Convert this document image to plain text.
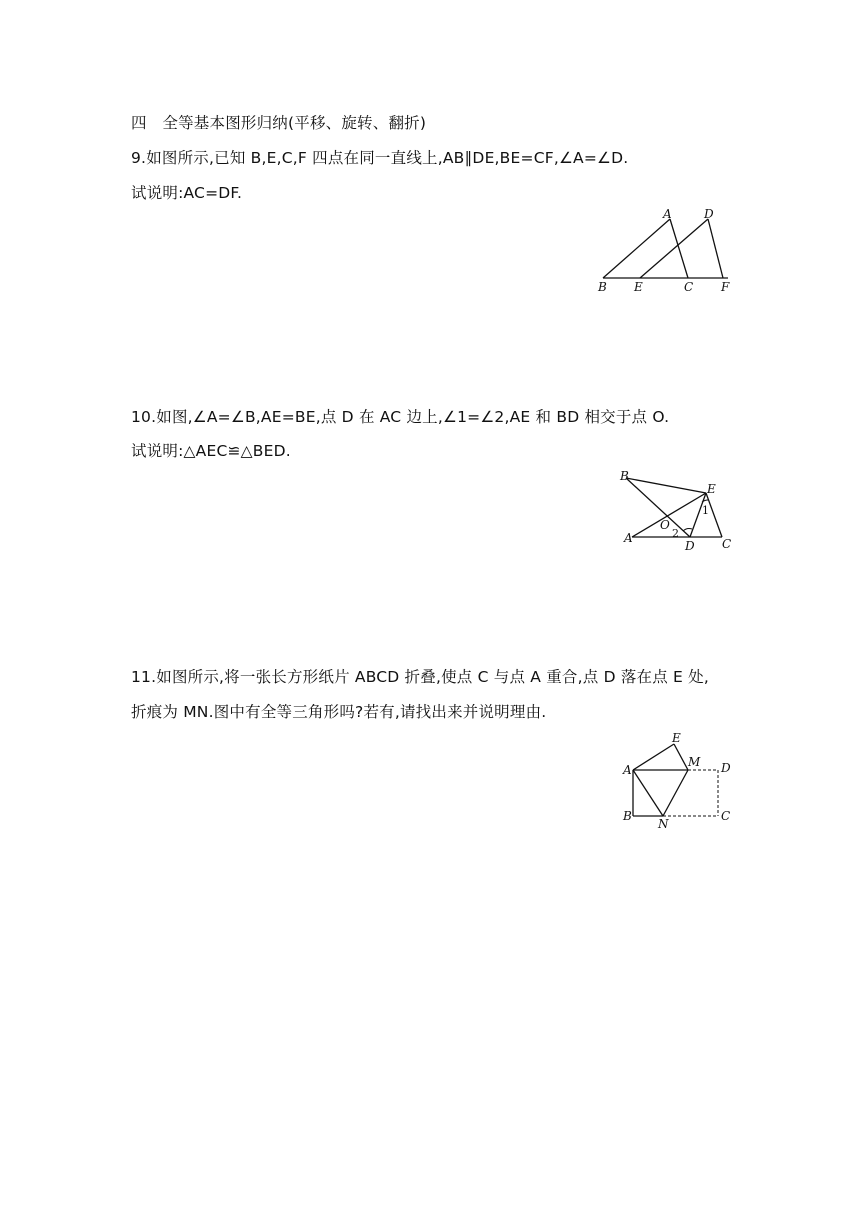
四　全等基本图形归纳(平移、旋转、翻折)
9.如图所示,已知 B,E,C,F 四点在同一直线上,AB∥DE,BE=CF,∠A=∠D.
试说明:AC=DF.
A	D
B E	C F
10.如图,∠A=∠B,AE=BE,点 D 在 AC 边上,∠1=∠2,AE 和 BD 相交于点 O.
试说明:△AEC≌△BED.
B
E
O
1
2
A
D C
11.如图所示,将一张长方形纸片 ABCD 折叠,使点 C 与点 A 重合,点 D 落在点 E 处,
折痕为 MN.图中有全等三角形吗?若有,请找出来并说明理由.
E
A
M D
B
N
C
